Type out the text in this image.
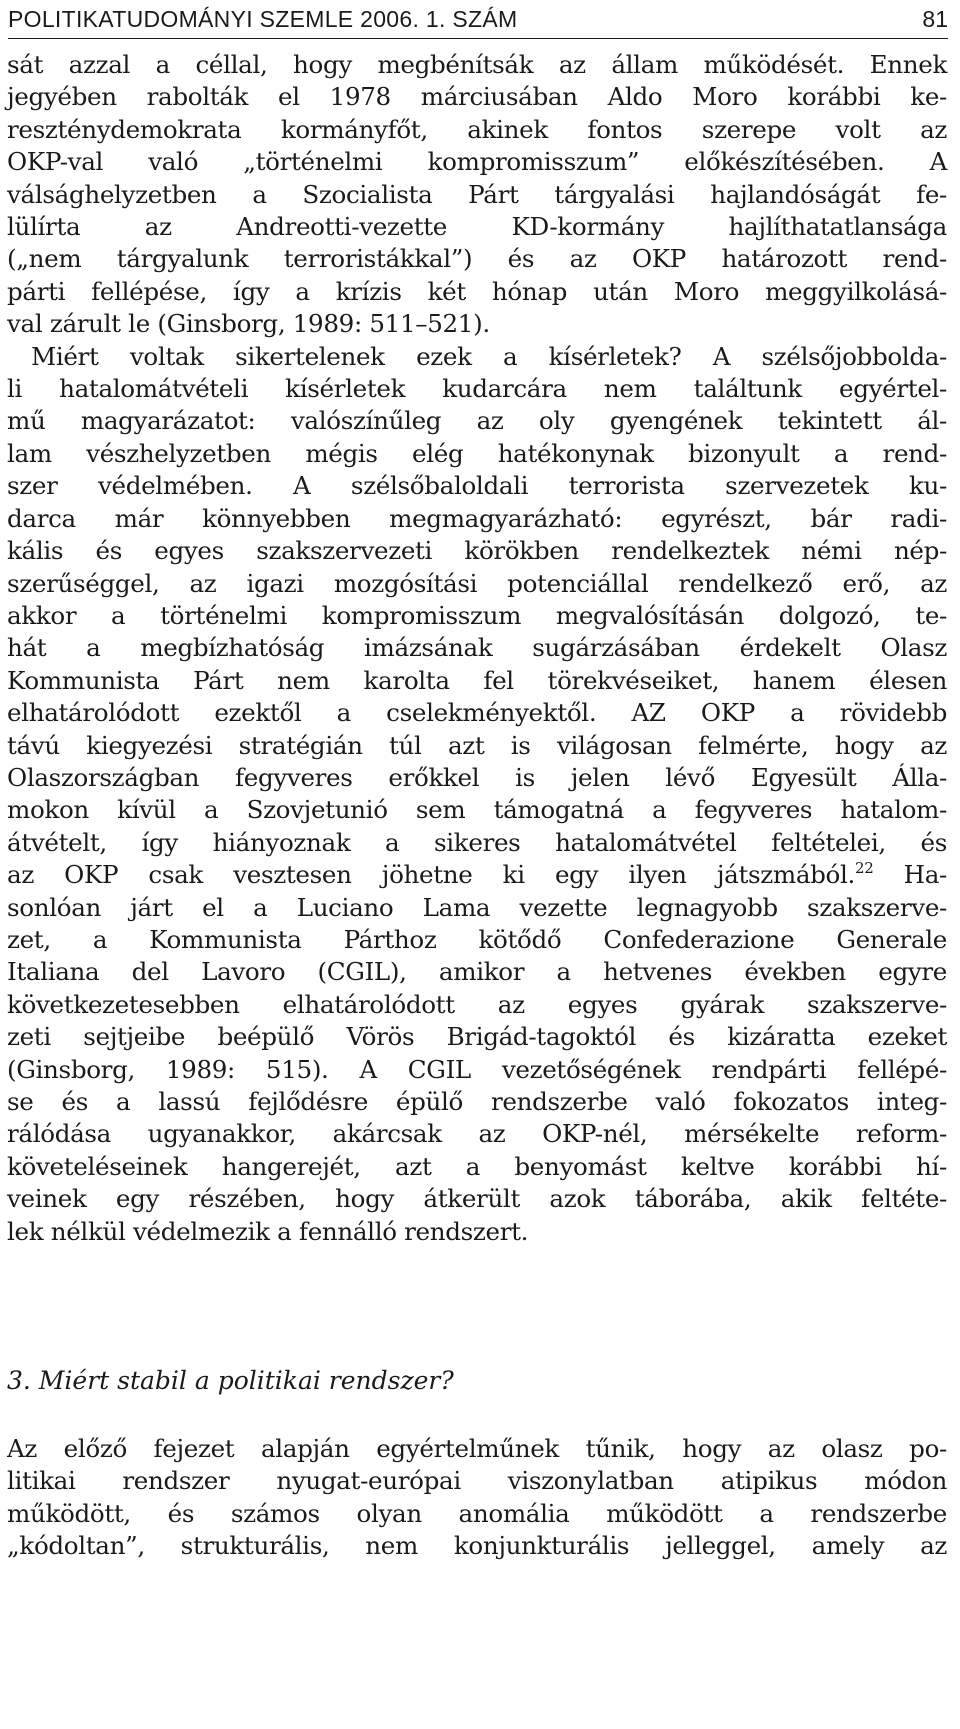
POLITIKATUDOMÁNYI SZEMLE 2006. 1. SZÁM	81
sát azzal a céllal, hogy megbénítsák az állam működését. Ennek
jegyében rabolták el 1978 márciusában Aldo Moro korábbi ke-
reszténydemokrata kormányfőt, akinek fontos szerepe volt az
OKP-val való „történelmi kompromisszum” előkészítésében. A
válsághelyzetben a Szocialista Párt tárgyalási hajlandóságát fe-
lülírta az Andreotti-vezette KD-kormány hajlíthatatlansága
(„nem tárgyalunk terroristákkal”) és az OKP határozott rend-
párti fellépése, így a krízis két hónap után Moro meggyilkolásá-
val zárult le (Ginsborg, 1989: 511–521).
Miért voltak sikertelenek ezek a kísérletek? A szélsőjobbolda-
li hatalomátvételi kísérletek kudarcára nem találtunk egyértel-
mű magyarázatot: valószínűleg az oly gyengének tekintett ál-
lam vészhelyzetben mégis elég hatékonynak bizonyult a rend-
szer védelmében. A szélsőbaloldali terrorista szervezetek ku-
darca már könnyebben megmagyarázható: egyrészt, bár radi-
kális és egyes szakszervezeti körökben rendelkeztek némi nép-
szerűséggel, az igazi mozgósítási potenciállal rendelkező erő, az
akkor a történelmi kompromisszum megvalósításán dolgozó, te-
hát a megbízhatóság imázsának sugárzásában érdekelt Olasz
Kommunista Párt nem karolta fel törekvéseiket, hanem élesen
elhatárolódott ezektől a cselekményektől. AZ OKP a rövidebb
távú kiegyezési stratégián túl azt is világosan felmérte, hogy az
Olaszországban fegyveres erőkkel is jelen lévő Egyesült Álla-
mokon kívül a Szovjetunió sem támogatná a fegyveres hatalom-
átvételt, így hiányoznak a sikeres hatalomátvétel feltételei, és
az OKP csak vesztesen jöhetne ki egy ilyen játszmából.$^{22}$ Ha-
sonlóan járt el a Luciano Lama vezette legnagyobb szakszerve-
zet, a Kommunista Párthoz kötődő Confederazione Generale
Italiana del Lavoro (CGIL), amikor a hetvenes években egyre
következetesebben elhatárolódott az egyes gyárak szakszerve-
zeti sejtjeibe beépülő Vörös Brigád-tagoktól és kizáratta ezeket
(Ginsborg, 1989: 515). A CGIL vezetőségének rendpárti fellépé-
se és a lassú fejlődésre épülő rendszerbe való fokozatos integ-
rálódása ugyanakkor, akárcsak az OKP-nél, mérsékelte reform-
követeléseinek hangerejét, azt a benyomást keltve korábbi hí-
veinek egy részében, hogy átkerült azok táborába, akik feltéte-
lek nélkül védelmezik a fennálló rendszert.
3. Miért stabil a politikai rendszer?
Az előző fejezet alapján egyértelműnek tűnik, hogy az olasz po-
litikai rendszer nyugat-európai viszonylatban atipikus módon
működött, és számos olyan anomália működött a rendszerbe
„kódoltan”, strukturális, nem konjunkturális jelleggel, amely az
